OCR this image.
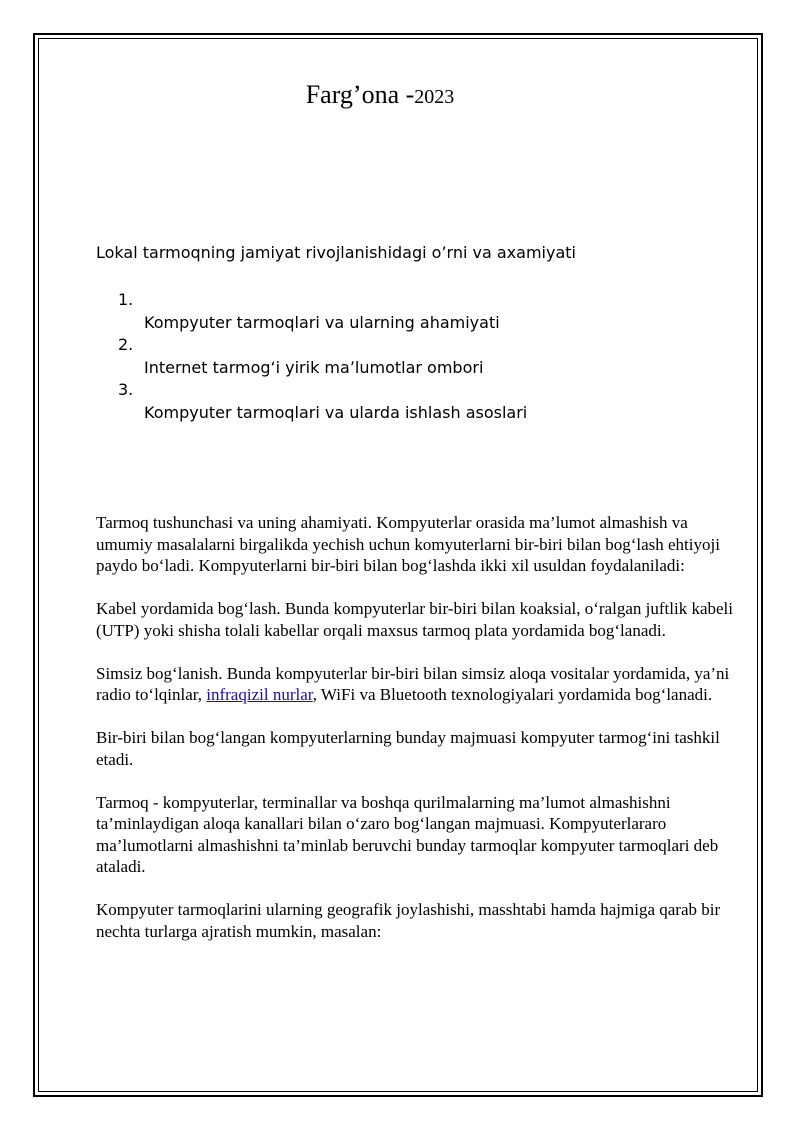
Farg’ona -2023
Lokal tarmoqning jamiyat rivojlanishidagi o’rni va axamiyati
1.
Kompyuter tarmoqlari va ularning ahamiyati
2.
Internet tarmog‘i yirik ma’lumotlar ombori
3.
Kompyuter tarmoqlari va ularda ishlash asoslari

Tarmoq tushunchasi va uning ahamiyati. Kompyuterlar orasida ma’lumot almashish va umumiy masalalarni birgalikda yechish uchun komyuterlarni bir-biri bilan bog‘lash ehtiyoji paydo bo‘ladi. Kompyuterlarni bir-biri bilan bog‘lashda ikki xil usuldan foydalaniladi:

Kabel yordamida bog‘lash. Bunda kompyuterlar bir-biri bilan koaksial, o‘ralgan juftlik kabeli (UTP) yoki shisha tolali kabellar orqali maxsus tarmoq plata yordamida bog‘lanadi.

Simsiz bog‘lanish. Bunda kompyuterlar bir-biri bilan simsiz aloqa vositalar yordamida, ya’ni radio to‘lqinlar, infraqizil nurlar, WiFi va Bluetooth texnologiyalari yordamida bog‘lanadi.

Bir-biri bilan bog‘langan kompyuterlarning bunday majmuasi kompyuter tarmog‘ini tashkil etadi.

Tarmoq - kompyuterlar, terminallar va boshqa qurilmalarning ma’lumot almashishni ta’minlaydigan aloqa kanallari bilan o‘zaro bog‘langan majmuasi. Kompyuterlararo ma’lumotlarni almashishni ta’minlab beruvchi bunday tarmoqlar kompyuter tarmoqlari deb ataladi.

Kompyuter tarmoqlarini ularning geografik joylashishi, masshtabi hamda hajmiga qarab bir nechta turlarga ajratish mumkin, masalan:
